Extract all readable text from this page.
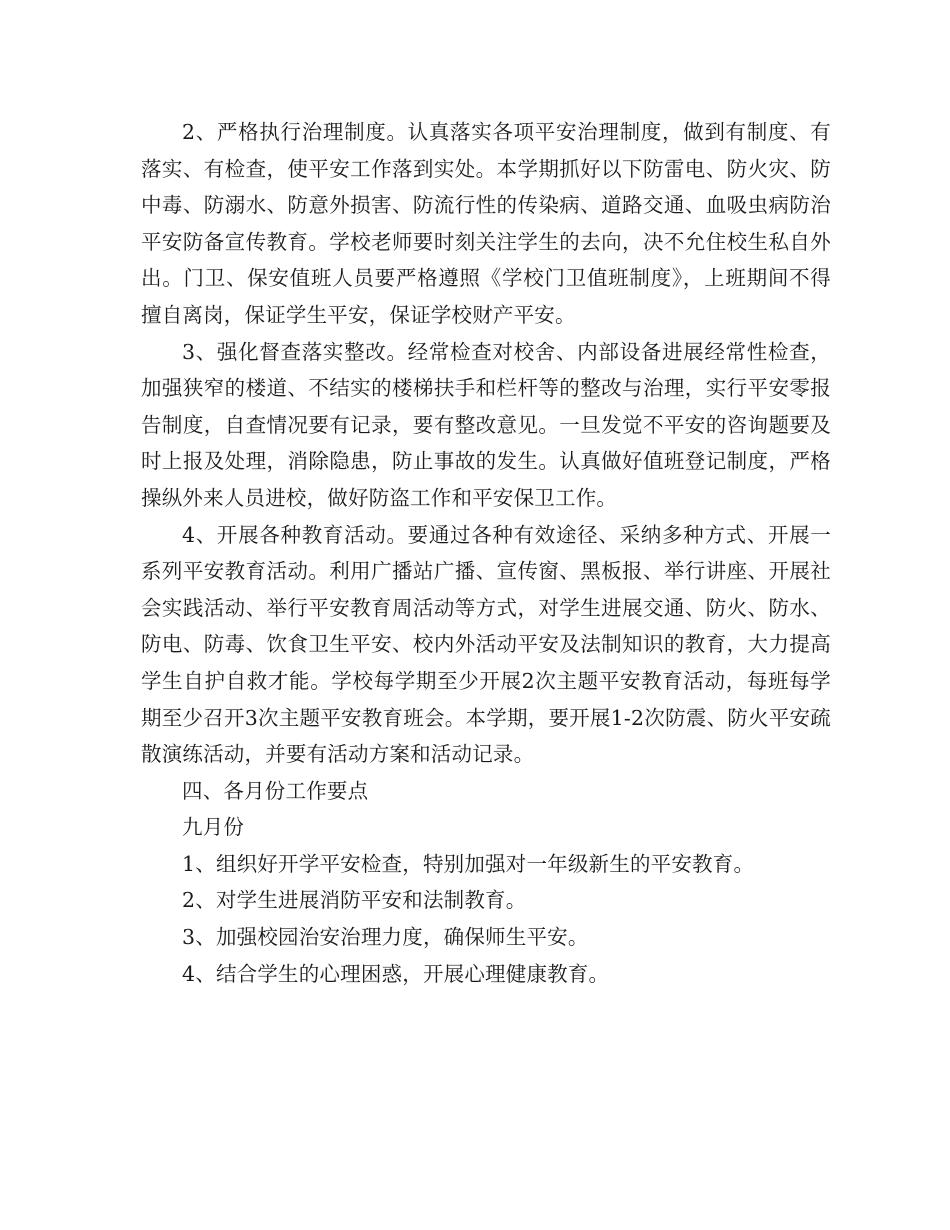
2、严格执行治理制度。认真落实各项平安治理制度，做到有制度、有落实、有检查，使平安工作落到实处。本学期抓好以下防雷电、防火灾、防中毒、防溺水、防意外损害、防流行性的传染病、道路交通、血吸虫病防治平安防备宣传教育。学校老师要时刻关注学生的去向，决不允住校生私自外出。门卫、保安值班人员要严格遵照《学校门卫值班制度》，上班期间不得擅自离岗，保证学生平安，保证学校财产平安。

3、强化督查落实整改。经常检查对校舍、内部设备进展经常性检查，加强狭窄的楼道、不结实的楼梯扶手和栏杆等的整改与治理，实行平安零报告制度，自查情况要有记录，要有整改意见。一旦发觉不平安的咨询题要及时上报及处理，消除隐患，防止事故的发生。认真做好值班登记制度，严格操纵外来人员进校，做好防盗工作和平安保卫工作。

4、开展各种教育活动。要通过各种有效途径、采纳多种方式、开展一系列平安教育活动。利用广播站广播、宣传窗、黑板报、举行讲座、开展社会实践活动、举行平安教育周活动等方式，对学生进展交通、防火、防水、防电、防毒、饮食卫生平安、校内外活动平安及法制知识的教育，大力提高学生自护自救才能。学校每学期至少开展2次主题平安教育活动，每班每学期至少召开3次主题平安教育班会。本学期，要开展1-2次防震、防火平安疏散演练活动，并要有活动方案和活动记录。

四、各月份工作要点

九月份

1、组织好开学平安检查，特别加强对一年级新生的平安教育。

2、对学生进展消防平安和法制教育。

3、加强校园治安治理力度，确保师生平安。

4、结合学生的心理困惑，开展心理健康教育。
